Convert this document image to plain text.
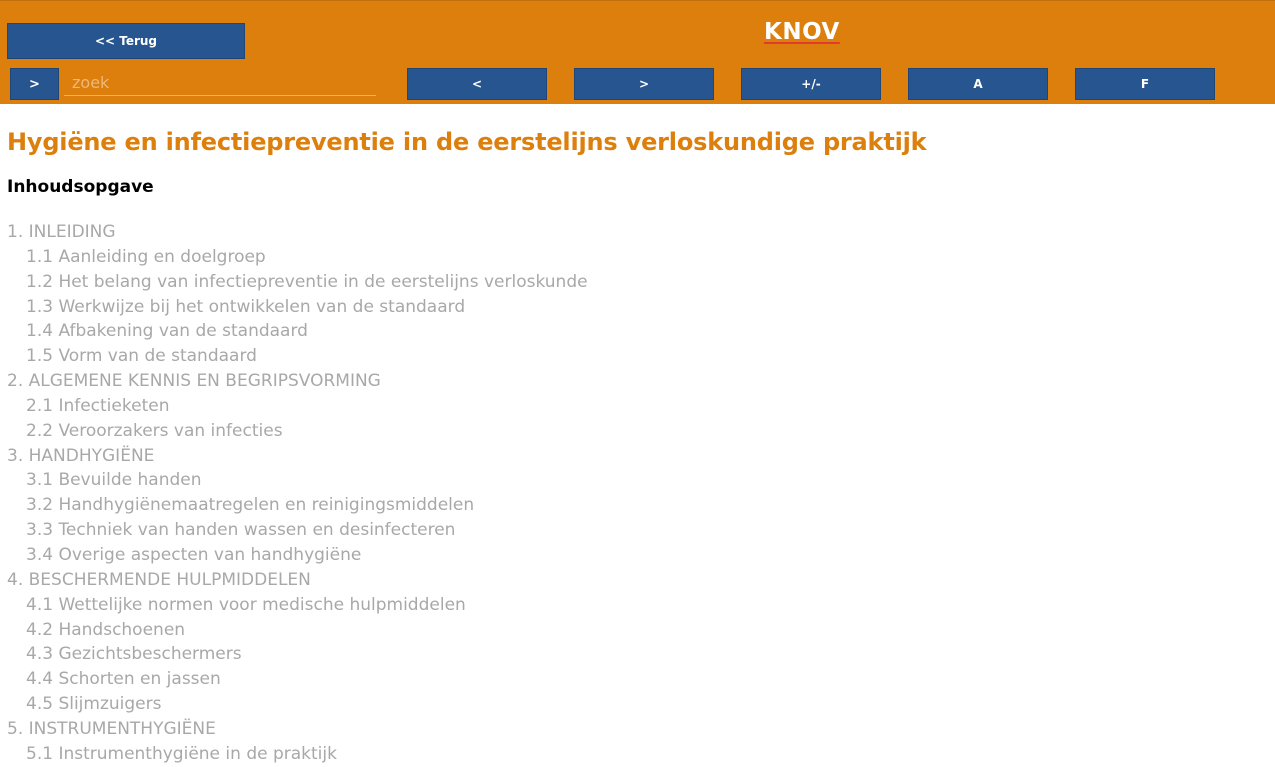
<< Terug	KNOV
>
zoek	<	>	+/-	A	F
Hygiëne en infectiepreventie in de eerstelijns verloskundige praktijk
Inhoudsopgave
1. INLEIDING
1.1 Aanleiding en doelgroep
1.2 Het belang van infectiepreventie in de eerstelijns verloskunde
1.3 Werkwijze bij het ontwikkelen van de standaard
1.4 Afbakening van de standaard
1.5 Vorm van de standaard
2. ALGEMENE KENNIS EN BEGRIPSVORMING
2.1 Infectieketen
2.2 Veroorzakers van infecties
3. HANDHYGIËNE
3.1 Bevuilde handen
3.2 Handhygiënemaatregelen en reinigingsmiddelen
3.3 Techniek van handen wassen en desinfecteren
3.4 Overige aspecten van handhygiëne
4. BESCHERMENDE HULPMIDDELEN
4.1 Wettelijke normen voor medische hulpmiddelen
4.2 Handschoenen
4.3 Gezichtsbeschermers
4.4 Schorten en jassen
4.5 Slijmzuigers
5. INSTRUMENTHYGIËNE
5.1 Instrumenthygiëne in de praktijk
